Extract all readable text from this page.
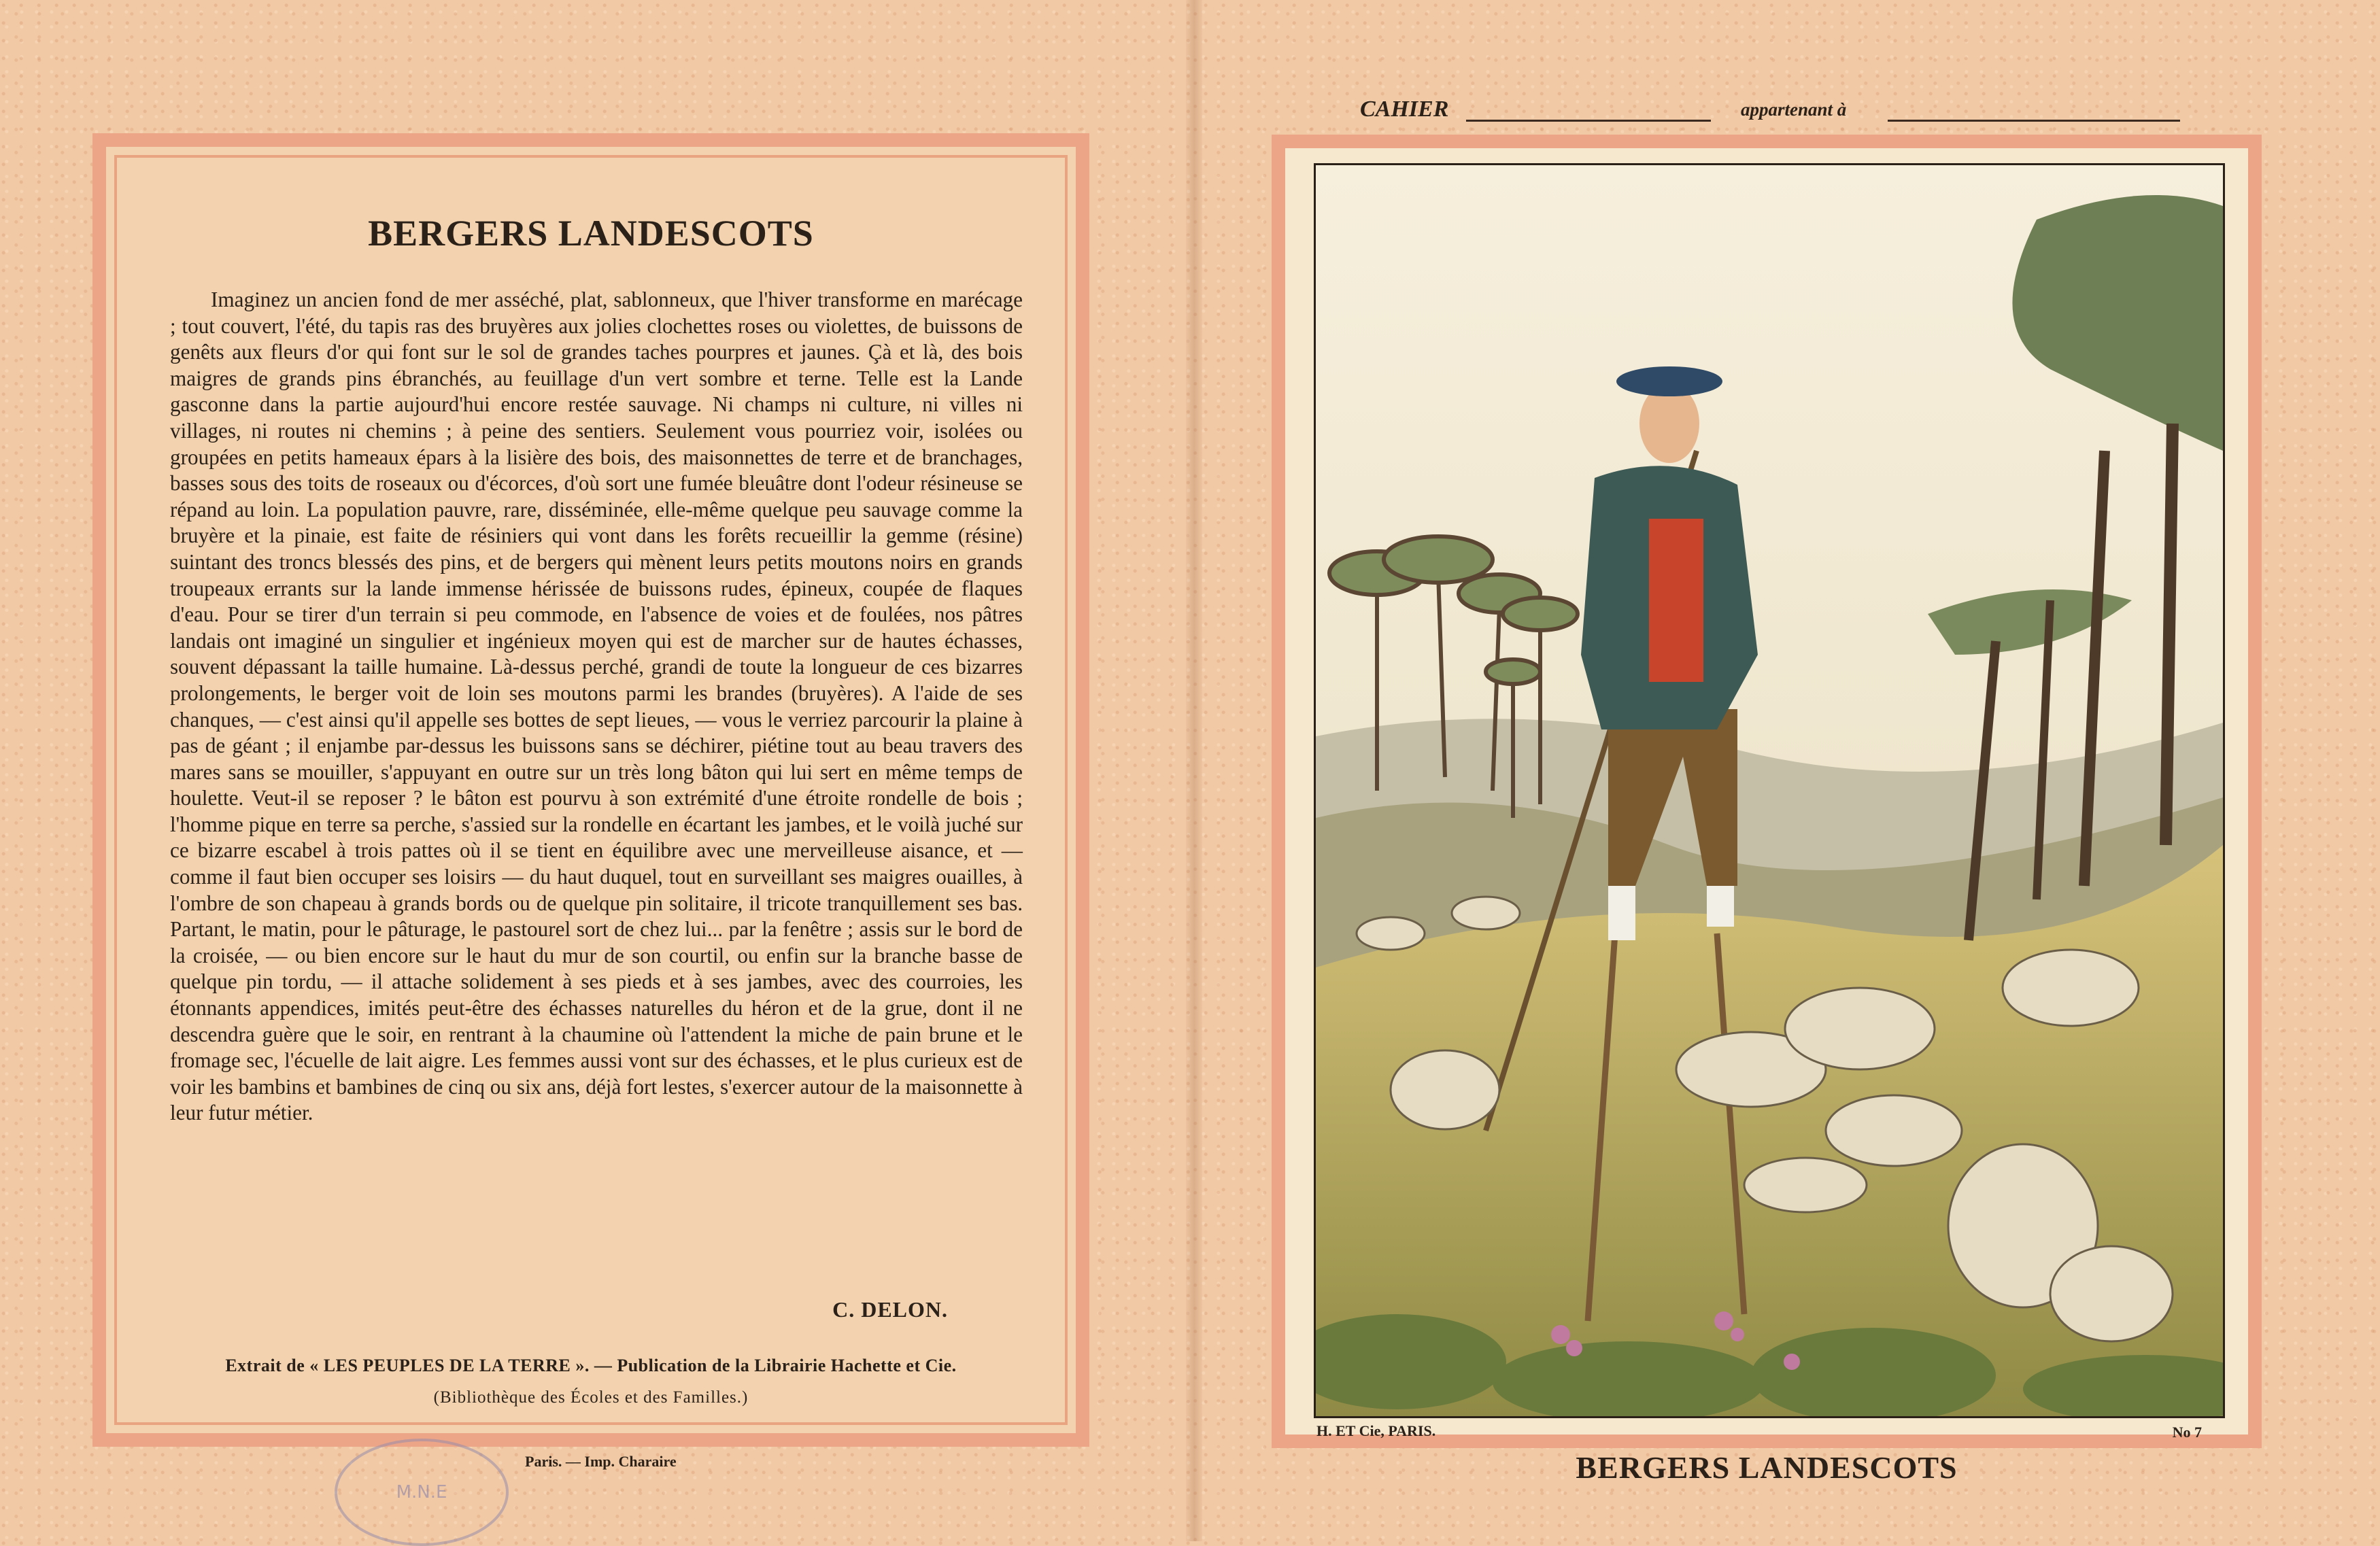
BERGERS LANDESCOTS

Imaginez un ancien fond de mer asséché, plat, sablonneux, que l'hiver transforme en marécage ; tout couvert, l'été, du tapis ras des bruyères aux jolies clochettes roses ou violettes, de buissons de genêts aux fleurs d'or qui font sur le sol de grandes taches pourpres et jaunes. Çà et là, des bois maigres de grands pins ébranchés, au feuillage d'un vert sombre et terne. Telle est la Lande gasconne dans la partie aujourd'hui encore restée sauvage. Ni champs ni culture, ni villes ni villages, ni routes ni chemins ; à peine des sentiers. Seulement vous pourriez voir, isolées ou groupées en petits hameaux épars à la lisière des bois, des maisonnettes de terre et de branchages, basses sous des toits de roseaux ou d'écorces, d'où sort une fumée bleuâtre dont l'odeur résineuse se répand au loin. La population pauvre, rare, disséminée, elle-même quelque peu sauvage comme la bruyère et la pinaie, est faite de résiniers qui vont dans les forêts recueillir la gemme (résine) suintant des troncs blessés des pins, et de bergers qui mènent leurs petits moutons noirs en grands troupeaux errants sur la lande immense hérissée de buissons rudes, épineux, coupée de flaques d'eau. Pour se tirer d'un terrain si peu commode, en l'absence de voies et de foulées, nos pâtres landais ont imaginé un singulier et ingénieux moyen qui est de marcher sur de hautes échasses, souvent dépassant la taille humaine. Là-dessus perché, grandi de toute la longueur de ces bizarres prolongements, le berger voit de loin ses moutons parmi les brandes (bruyères). A l'aide de ses chanques, — c'est ainsi qu'il appelle ses bottes de sept lieues, — vous le verriez parcourir la plaine à pas de géant ; il enjambe par-dessus les buissons sans se déchirer, piétine tout au beau travers des mares sans se mouiller, s'appuyant en outre sur un très long bâton qui lui sert en même temps de houlette. Veut-il se reposer ? le bâton est pourvu à son extrémité d'une étroite rondelle de bois ; l'homme pique en terre sa perche, s'assied sur la rondelle en écartant les jambes, et le voilà juché sur ce bizarre escabel à trois pattes où il se tient en équilibre avec une merveilleuse aisance, et — comme il faut bien occuper ses loisirs — du haut duquel, tout en surveillant ses maigres ouailles, à l'ombre de son chapeau à grands bords ou de quelque pin solitaire, il tricote tranquillement ses bas. Partant, le matin, pour le pâturage, le pastourel sort de chez lui... par la fenêtre ; assis sur le bord de la croisée, — ou bien encore sur le haut du mur de son courtil, ou enfin sur la branche basse de quelque pin tordu, — il attache solidement à ses pieds et à ses jambes, avec des courroies, les étonnants appendices, imités peut-être des échasses naturelles du héron et de la grue, dont il ne descendra guère que le soir, en rentrant à la chaumine où l'attendent la miche de pain brune et le fromage sec, l'écuelle de lait aigre. Les femmes aussi vont sur des échasses, et le plus curieux est de voir les bambins et bambines de cinq ou six ans, déjà fort lestes, s'exercer autour de la maisonnette à leur futur métier.

C. DELON.
Extrait de « LES PEUPLES DE LA TERRE ». — Publication de la Librairie Hachette et Cie.
(Bibliothèque des Écoles et des Familles.)
Paris. — Imp. Charaire
M.N.E
CAHIER	appartenant à
H. ET Cie, PARIS.	No 7
BERGERS LANDESCOTS
